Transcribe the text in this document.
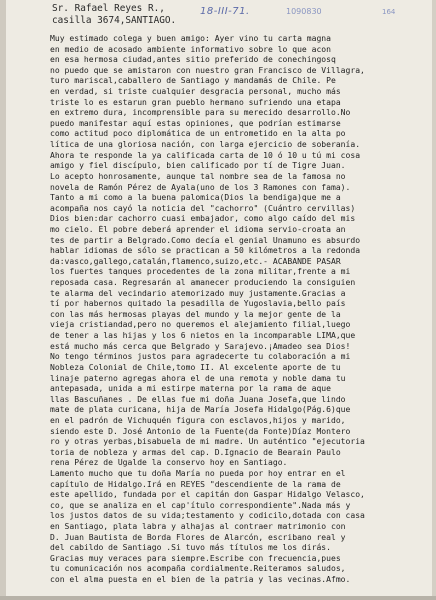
Sr. Rafael Reyes R.,
casilla 3674,SANTIAGO.
18-III-71.	1090830	164
Muy estimado colega y buen amigo: Ayer vino tu carta magna
en medio de acosado ambiente informativo sobre lo que acon
en esa hermosa ciudad,antes sitio preferido de conechingosq
no puedo que se amistaron con nuestro gran Francisco de Villagra,
turo mariscal,caballero de Santiago y mandamás de Chile. Pe
en verdad, si triste cualquier desgracia personal, mucho más
triste lo es estarun gran pueblo hermano sufriendo una etapa
en extremo dura, incomprensible para su merecido desarrollo.No
puedo manifestar aquí estas opiniones, que podrían estimarse
como actitud poco diplomática de un entrometido en la alta po
lítica de una gloriosa nación, con larga ejercicio de soberanía.
Ahora te responde la ya calificada carta de 10 ó 10 u tú mi cosa
amigo y fiel discípulo, bien calificado por tí de Tigre Juan.
Lo acepto honrosamente, aunque tal nombre sea de la famosa no
novela de Ramón Pérez de Ayala(uno de los 3 Ramones con fama).
Tanto a mi como a la buena palomica(Dios la bendiga)que me a
acompaña nos cayó la noticia del "cachorro" (Cuántro cervillas)
Dios bien:dar cachorro cuasi embajador, como algo caído del mis
mo cielo. Él pobre deberá aprender el idioma servio-croata an
tes de partir a Belgrado.Como decía el genial Unamuno es absurdo
hablar idiomas de sólo se practican a 50 kilómetros a la redonda
da:vasco,gallego,catalán,flamenco,suizo,etc.- ACABANDE PASAR
los fuertes tanques procedentes de la zona militar,frente a mi
reposada casa. Regresarán al amanecer produciendo la consiguien
te alarma del vecindario atemorizado muy justamente.Gracias a
tí por habernos quitado la pesadilla de Yugoslavia,bello país
con las más hermosas playas del mundo y la mejor gente de la
vieja cristiandad,pero no queremos el alejamiento filial,luego
de tener a las hijas y los 6 nietos en la incomparable LIMA,que
está mucho más cerca que Belgrado y Sarajevo.¡Amadeo sea Dios!
No tengo términos justos para agradecerte tu colaboración a mi
Nobleza Colonial de Chile,tomo II. Al excelente aporte de tu
linaje paterno agregas ahora el de una remota y noble dama tu
antepasada, unida a mi estirpe materna por la rama de aque
llas Bascuñanes . De ellas fue mi doña Juana Josefa,que lindo
mate de plata curicana, hija de María Josefa Hidalgo(Pág.6)que
en el padrón de Vichuquén figura con esclavos,hijos y marido,
siendo este D. José Antonio de la Fuente(da Fonte)Díaz Montero
ro y otras yerbas,bisabuela de mi madre. Un auténtico "ejecutoria
toria de nobleza y armas del cap. D.Ignacio de Bearain Paulo
rena Pérez de Ugalde la conservo hoy en Santiago.
Lamento mucho que tu doña María no pueda por hoy entrar en el
capítulo de Hidalgo.Irá en REYES "descendiente de la rama de
este apellido, fundada por el capitán don Gaspar Hidalgo Velasco,
co, que se analiza en el cap'ítulo correspondiente".Nada más y
los justos datos de su vida;testamento y codicilo,dotada con casa
en Santiago, plata labra y alhajas al contraer matrimonio con
D. Juan Bautista de Borda Flores de Alarcón, escribano real y
del cabildo de Santiago .Si tuvo más títulos me los dirás.
Gracias muy veraces para siempre.Escribe con frecuencia,pues
tu comunicación nos acompaña cordialmente.Reiteramos saludos,
con el alma puesta en el bien de la patria y las vecinas.Afmo.
